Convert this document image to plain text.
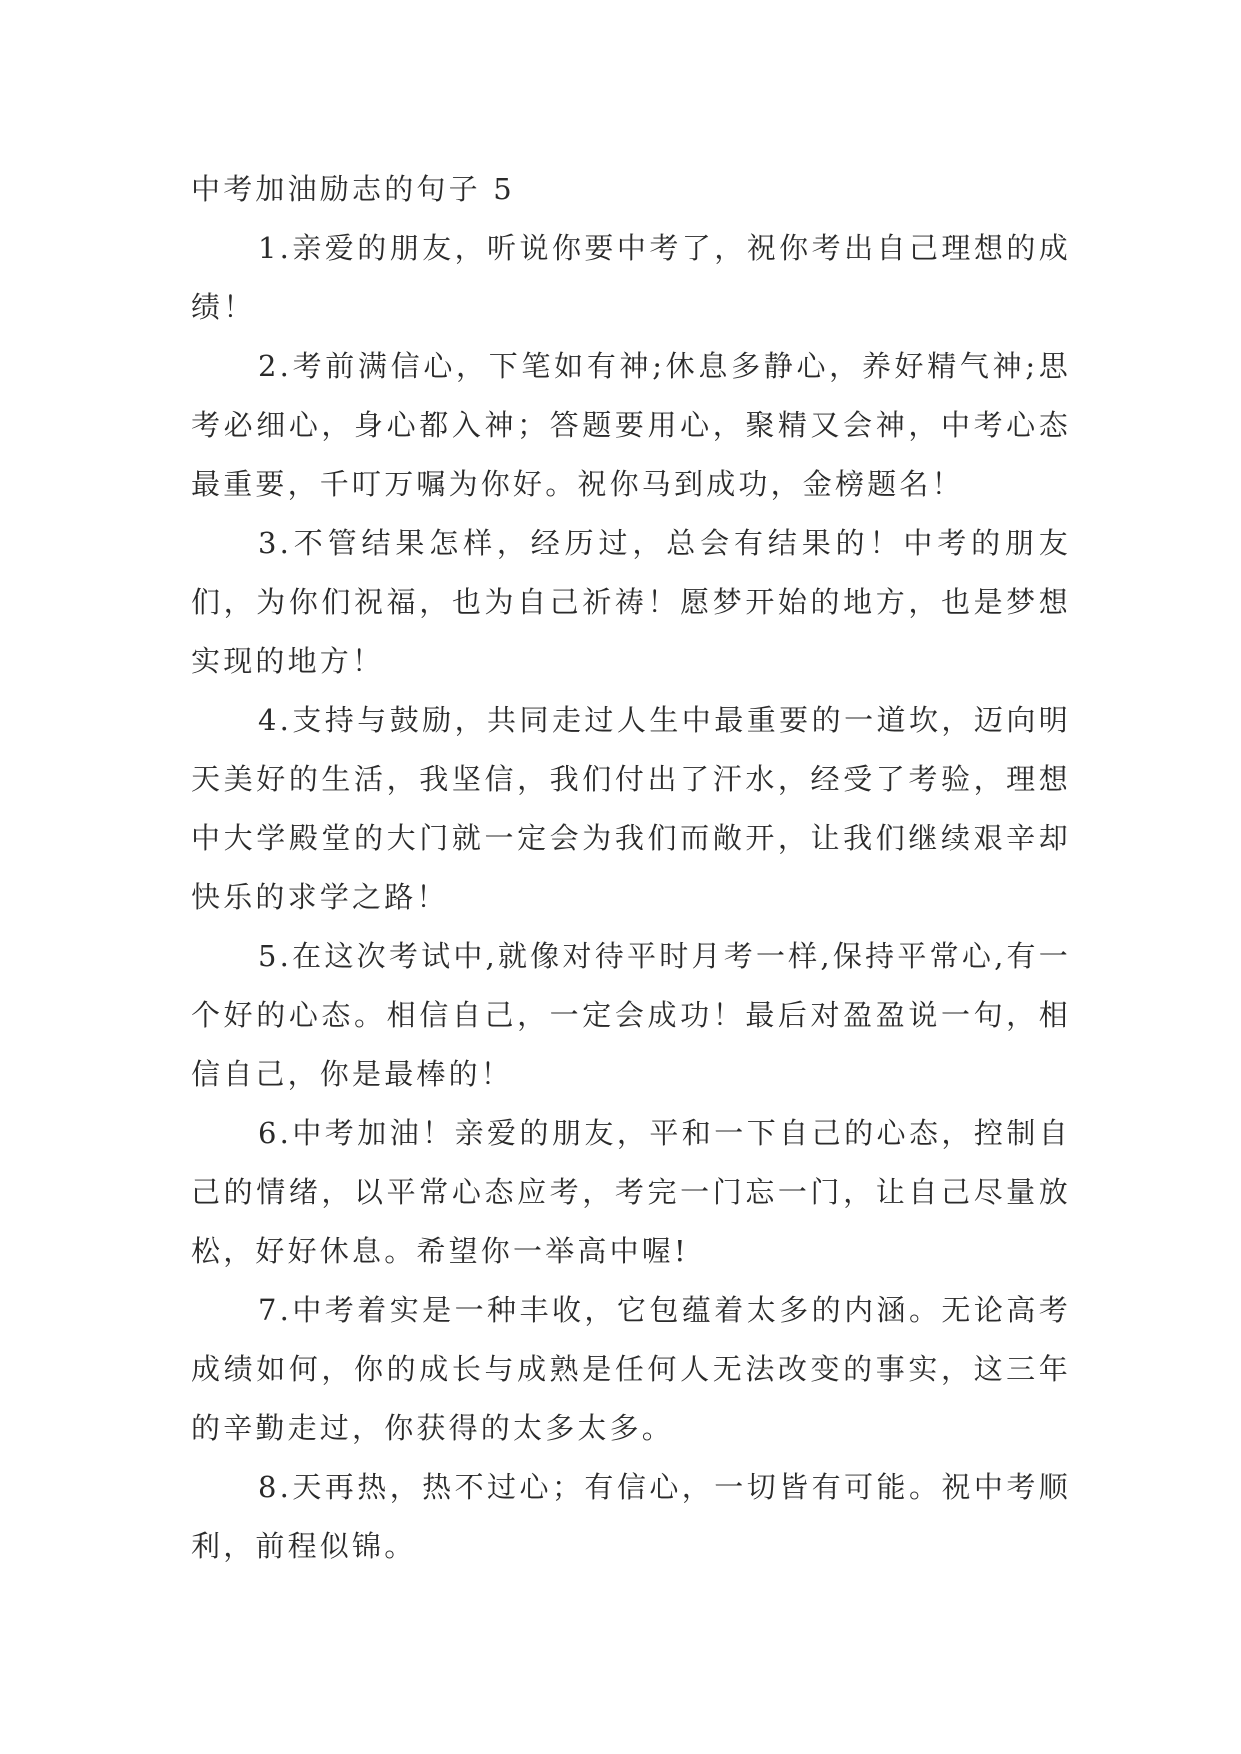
中考加油励志的句子 5

1.亲爱的朋友，听说你要中考了，祝你考出自己理想的成绩！

2.考前满信心，下笔如有神;休息多静心，养好精气神;思考必细心，身心都入神；答题要用心，聚精又会神，中考心态最重要，千叮万嘱为你好。祝你马到成功，金榜题名！

3.不管结果怎样，经历过，总会有结果的！中考的朋友们，为你们祝福，也为自己祈祷！愿梦开始的地方，也是梦想实现的地方！

4.支持与鼓励，共同走过人生中最重要的一道坎，迈向明天美好的生活，我坚信，我们付出了汗水，经受了考验，理想中大学殿堂的大门就一定会为我们而敞开，让我们继续艰辛却快乐的求学之路！

5.在这次考试中,就像对待平时月考一样,保持平常心,有一个好的心态。相信自己，一定会成功！最后对盈盈说一句，相信自己，你是最棒的！

6.中考加油！亲爱的朋友，平和一下自己的心态，控制自己的情绪，以平常心态应考，考完一门忘一门，让自己尽量放松，好好休息。希望你一举高中喔!

7.中考着实是一种丰收，它包蕴着太多的内涵。无论高考成绩如何，你的成长与成熟是任何人无法改变的事实，这三年的辛勤走过，你获得的太多太多。

8.天再热，热不过心；有信心，一切皆有可能。祝中考顺利，前程似锦。
